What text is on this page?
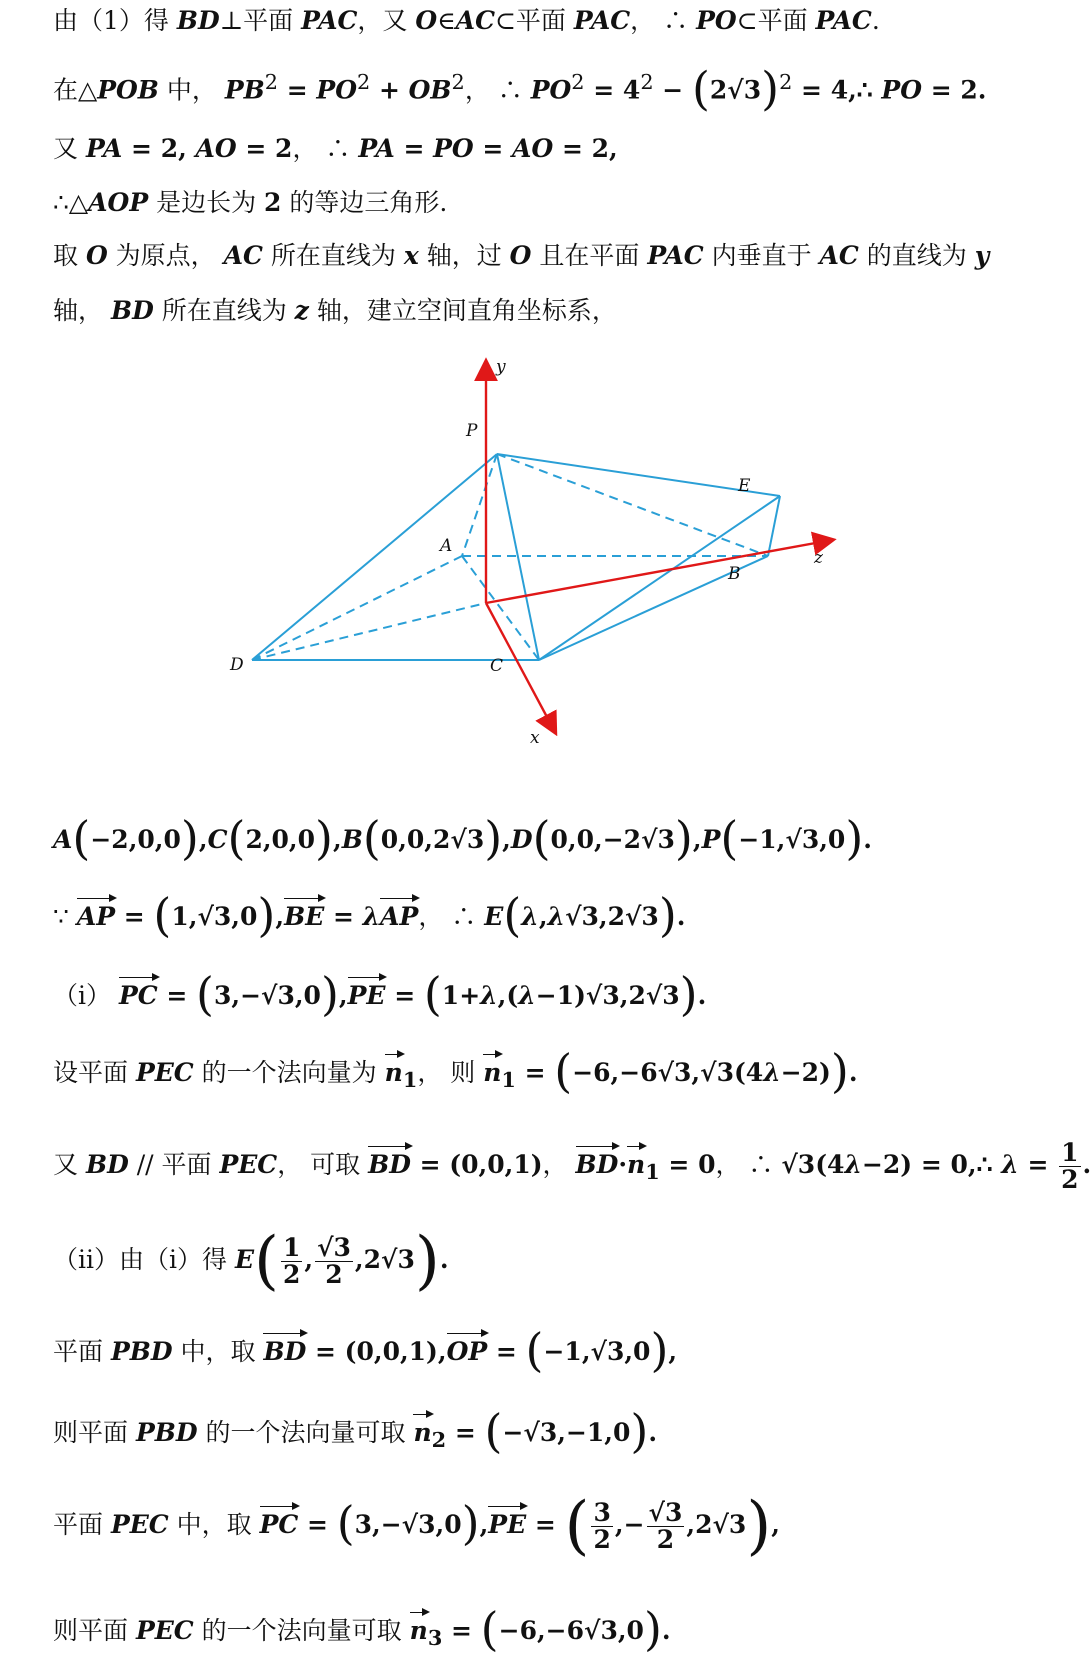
由（1）得 BD⊥平面 PAC，又 O∈AC⊂平面 PAC， ∴ PO⊂平面 PAC.
在△POB 中， $PB^2 = PO^2 + OB^2$， ∴ $PO^2 = 4^2 - (2√3)^2$ = 4,∴ PO = 2.
又 PA = 2, AO = 2， ∴ PA = PO = AO = 2,
∴△AOP 是边长为 2 的等边三角形.
取 O 为原点， AC 所在直线为 x 轴，过 O 且在平面 PAC 内垂直于 AC 的直线为 y
轴， BD 所在直线为 z 轴，建立空间直角坐标系，
P
A
E
B
D	C
y
z
x
A(−2,0,0),C(2,0,0),B(0,0,2√3),D(0,0,−2√3),P(−1,√3,0).
∵ AP = (1,√3,0),BE = λAP， ∴ E(λ,λ√3,2√3).
（i） PC = (3,−√3,0),PE = (1+λ,(λ−1)√3,2√3).
设平面 PEC 的一个法向量为 $n_1$， 则 $n_1 = (-6,-6√3,√3(4\lambda-2))$.
又 BD // 平面 PEC， 可取 BD = (0,0,1)， $BD\cdot n_1 = 0$， ∴ √3(4λ−2) = 0,∴ $\lambda = \frac{1}{2}$ .
（ii）由（i）得 $E( \frac{1}{2}$ , $\frac{√3}{2} ,2√3$).
平面 PBD 中，取 BD = (0,0,1),OP = (−1,√3,0),
则平面 PBD 的一个法向量可取 $n_2 = (-√3,-1,0)$.
平面 PEC 中，取 PC = (3,−√3,0),PE = ( $\frac{3}{2}$ ,− $\frac{√3}{2} ,2√3$),
则平面 PEC 的一个法向量可取 $n_3 = (-6,-6√3,0)$.
